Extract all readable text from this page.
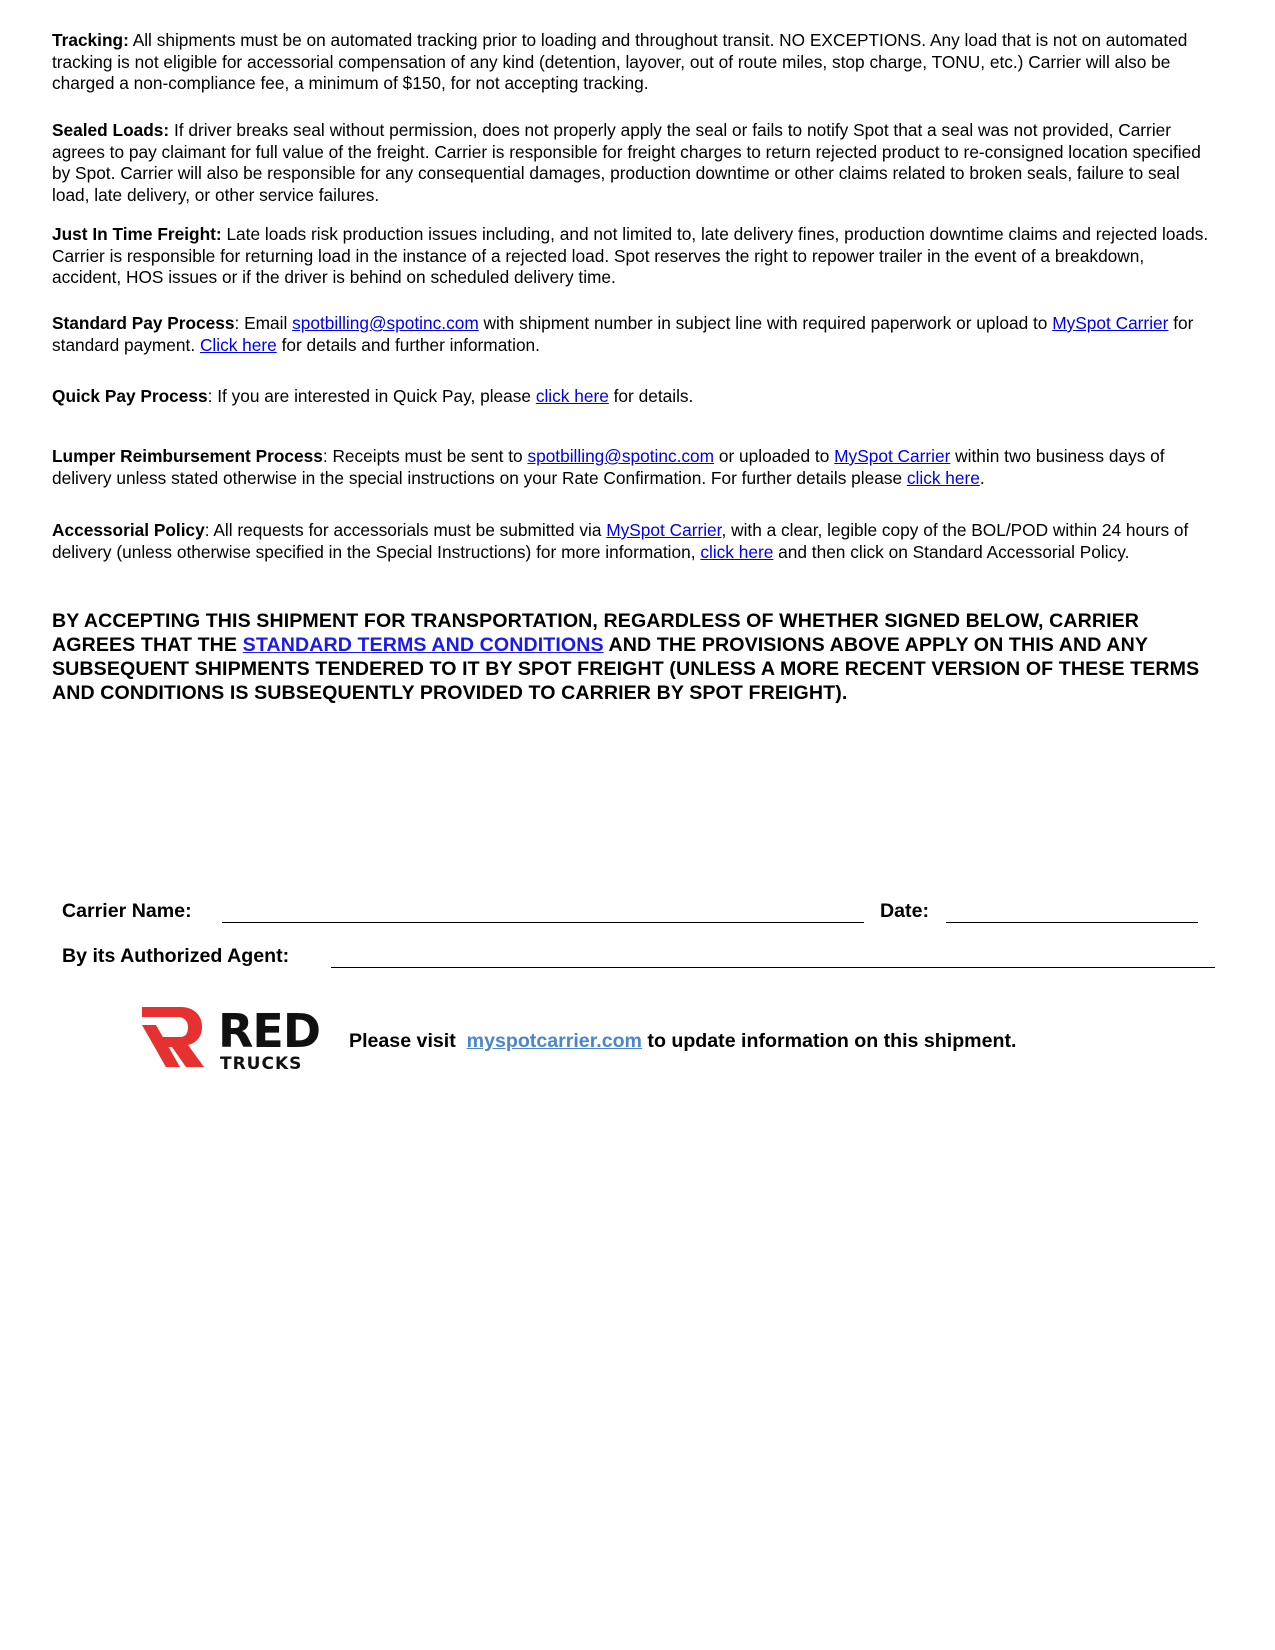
Tracking: All shipments must be on automated tracking prior to loading and throughout transit. NO EXCEPTIONS. Any load that is not on automated tracking is not eligible for accessorial compensation of any kind (detention, layover, out of route miles, stop charge, TONU, etc.) Carrier will also be charged a non-compliance fee, a minimum of $150, for not accepting tracking.

Sealed Loads: If driver breaks seal without permission, does not properly apply the seal or fails to notify Spot that a seal was not provided, Carrier agrees to pay claimant for full value of the freight. Carrier is responsible for freight charges to return rejected product to re-consigned location specified by Spot. Carrier will also be responsible for any consequential damages, production downtime or other claims related to broken seals, failure to seal load, late delivery, or other service failures.

Just In Time Freight: Late loads risk production issues including, and not limited to, late delivery fines, production downtime claims and rejected loads. Carrier is responsible for returning load in the instance of a rejected load. Spot reserves the right to repower trailer in the event of a breakdown, accident, HOS issues or if the driver is behind on scheduled delivery time.

Standard Pay Process: Email spotbilling@spotinc.com with shipment number in subject line with required paperwork or upload to MySpot Carrier for standard payment. Click here for details and further information.

Quick Pay Process: If you are interested in Quick Pay, please click here for details.

Lumper Reimbursement Process: Receipts must be sent to spotbilling@spotinc.com or uploaded to MySpot Carrier within two business days of delivery unless stated otherwise in the special instructions on your Rate Confirmation. For further details please click here.

Accessorial Policy: All requests for accessorials must be submitted via MySpot Carrier, with a clear, legible copy of the BOL/POD within 24 hours of delivery (unless otherwise specified in the Special Instructions) for more information, click here and then click on Standard Accessorial Policy.

BY ACCEPTING THIS SHIPMENT FOR TRANSPORTATION, REGARDLESS OF WHETHER SIGNED BELOW, CARRIER AGREES THAT THE STANDARD TERMS AND CONDITIONS AND THE PROVISIONS ABOVE APPLY ON THIS AND ANY SUBSEQUENT SHIPMENTS TENDERED TO IT BY SPOT FREIGHT (UNLESS A MORE RECENT VERSION OF THESE TERMS AND CONDITIONS IS SUBSEQUENTLY PROVIDED TO CARRIER BY SPOT FREIGHT).

Carrier Name:	Date:
By its Authorized Agent:
RED
TRUCKS
Please visit  myspotcarrier.com to update information on this shipment.
